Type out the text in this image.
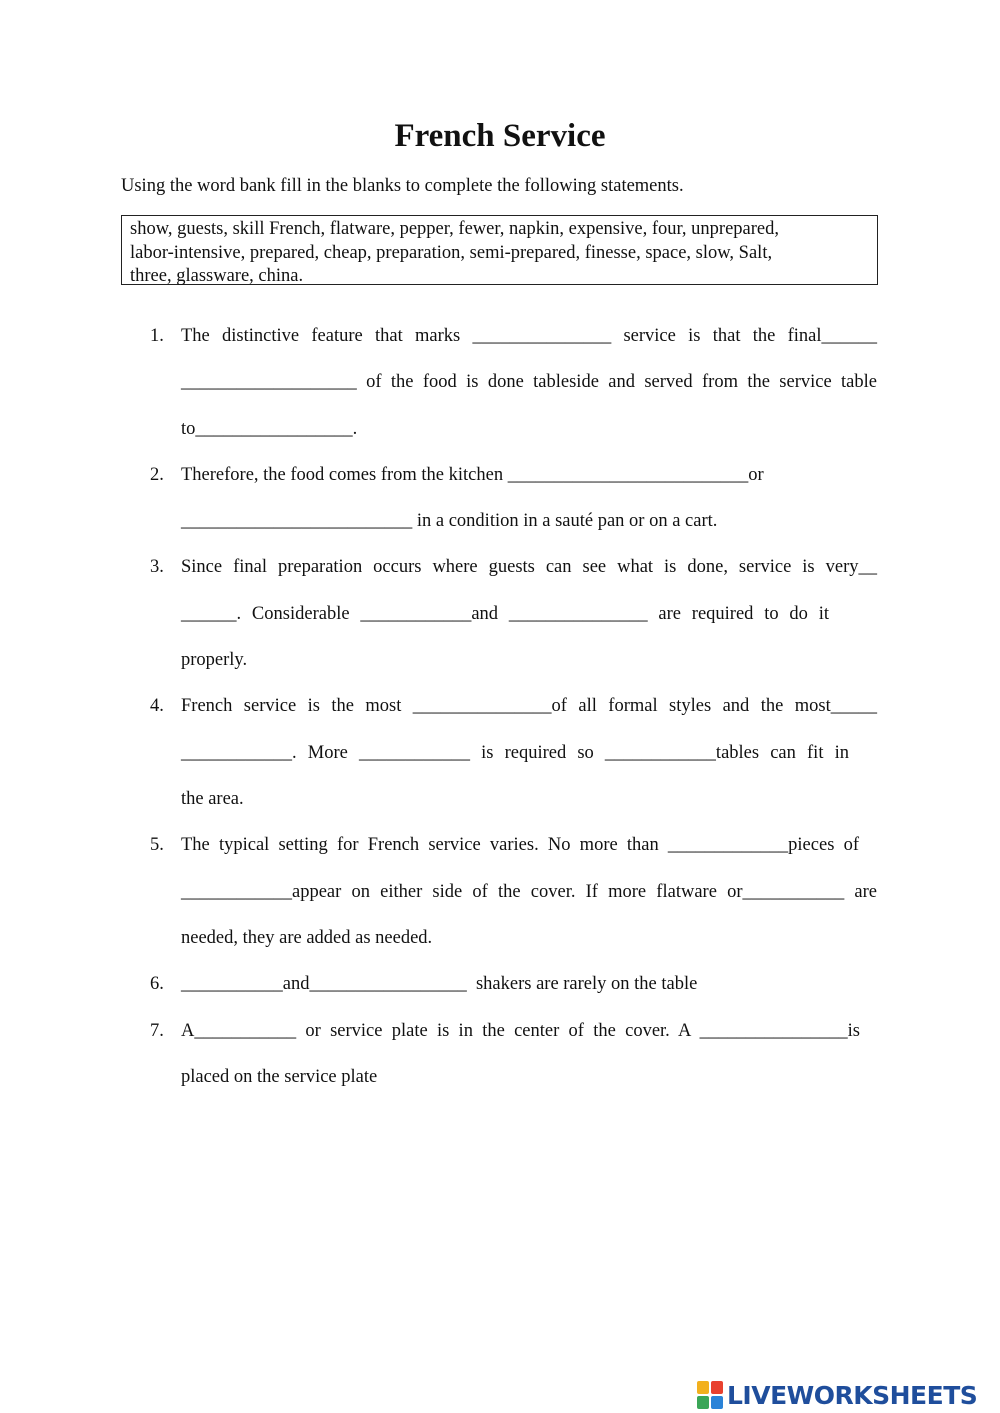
French Service
Using the word bank fill in the blanks to complete the following statements.
show, guests, skill French, flatware, pepper, fewer, napkin, expensive, four, unprepared,
labor-intensive, prepared, cheap, preparation, semi-prepared, finesse, space, slow, Salt,
three, glassware, china.
1. The distinctive feature that marks _______________ service is that the final______
___________________ of the food is done tableside and served from the service table
to_________________.
2. Therefore, the food comes from the kitchen __________________________or
_________________________ in a condition in a sauté pan or on a cart.
3. Since final preparation occurs where guests can see what is done, service is very__
______. Considerable ____________and _______________ are required to do it
properly.
4. French service is the most _______________of all formal styles and the most_____
____________. More ____________ is required so ____________tables can fit in
the area.
5. The typical setting for French service varies. No more than _____________pieces of
____________appear on either side of the cover. If more flatware or___________ are
needed, they are added as needed.
6. ___________and_________________  shakers are rarely on the table
7. A___________ or service plate is in the center of the cover. A ________________is
placed on the service plate
LIVEWORKSHEETS
